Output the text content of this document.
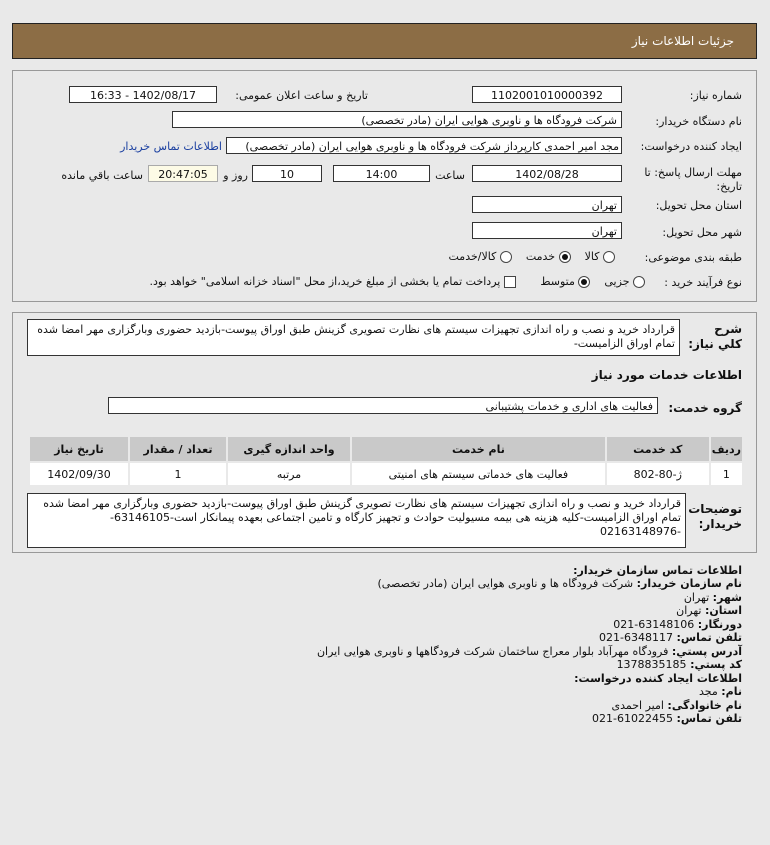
جزئیات اطلاعات نیاز
شماره نیاز:
1102001010000392
تاریخ و ساعت اعلان عمومی:
1402/08/17 - 16:33
نام دستگاه خریدار:
شرکت فرودگاه ها و ناوبری هوایی ایران (مادر تخصصی)
ایجاد کننده درخواست:
مجد امیر احمدی کارپرداز شرکت فرودگاه ها و ناوبری هوایی ایران (مادر تخصصی)
اطلاعات تماس خریدار
مهلت ارسال پاسخ: تا تاریخ:
1402/08/28
ساعت
14:00
10
روز و
20:47:05
ساعت باقي مانده
استان محل تحویل:
تهران
شهر محل تحویل:
تهران
طبقه بندی موضوعی:
کالا     خدمت     کالا/خدمت
نوع فرآیند خرید :
جزیی     متوسط        پرداخت تمام یا بخشی از مبلغ خرید،از محل "اسناد خزانه اسلامی" خواهد بود.
شرح کلي نیاز:
قرارداد خرید و نصب و راه اندازی تجهیزات سیستم های نظارت تصویری گزینش طبق اوراق پیوست-بازدید حضوری وبارگزاری مهر امضا شده تمام اوراق الزامیست-
اطلاعات خدمات مورد نیاز
گروه خدمت:
فعالیت های اداری و خدمات پشتیبانی
ردیف	کد خدمت	نام خدمت	واحد اندازه گیری	تعداد / مقدار	تاریخ نیاز
1	ژ-80-802	فعالیت های خدماتی سیستم های امنیتی	مرتبه	1	1402/09/30
توضیحات خریدار:
قرارداد خرید و نصب و راه اندازی تجهیزات سیستم های نظارت تصویری گزینش طبق اوراق پیوست-بازدید حضوری وبارگزاری مهر امضا شده تمام اوراق الزامیست-کلیه هزینه هی بیمه مسیولیت حوادث و تجهیز کارگاه و تامین اجتماعی بعهده پیمانکار است-63146105--02163148976
اطلاعات تماس سازمان خریدار:
نام سازمان خریدار: شرکت فرودگاه ها و ناوبری هوایی ایران (مادر تخصصی)
شهر: تهران
استان: تهران
دورنگار: 63148106-021
تلفن تماس: 6348117-021
آدرس پستي: فرودگاه مهرآباد بلوار معراج ساختمان شرکت فرودگاهها و ناوبری هوایی ایران
کد پستي: 1378835185
اطلاعات ایجاد کننده درخواست:
نام: مجد
نام خانوادگی: امیر احمدی
تلفن تماس: 61022455-021
